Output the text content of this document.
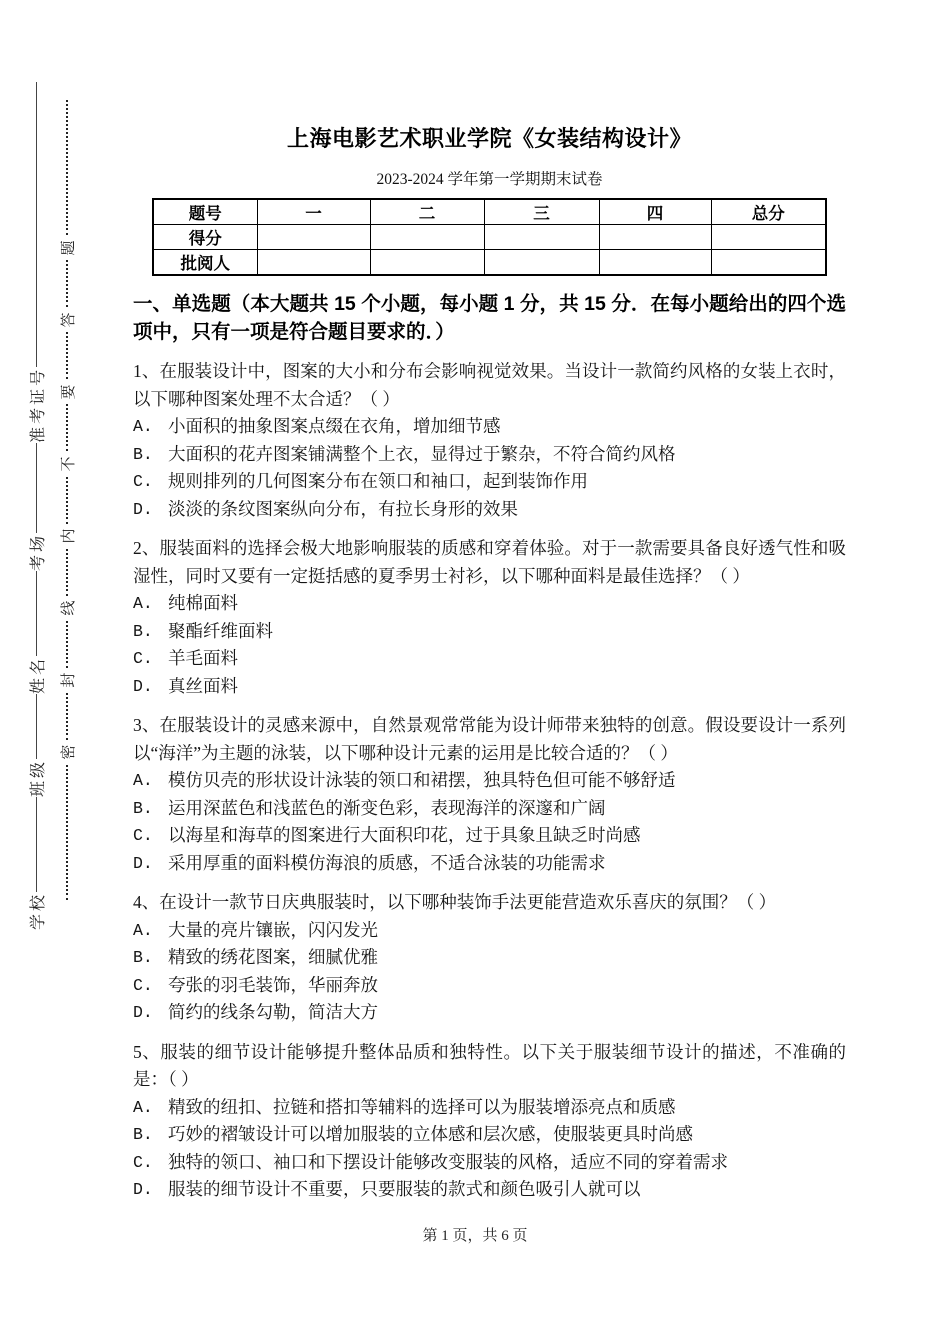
学校
班级
姓名
考场
准考证号
密
封
线
内
不
要
答
题
上海电影艺术职业学院《女装结构设计》
2023-2024 学年第一学期期末试卷
题号	一	二	三	四	总分
得分					
批阅人					
一、单选题（本大题共 15 个小题，每小题 1 分，共 15 分．在每小题给出的四个选项中，只有一项是符合题目要求的．）

1、在服装设计中，图案的大小和分布会影响视觉效果。当设计一款简约风格的女装上衣时，以下哪种图案处理不太合适？（ ）

A. 小面积的抽象图案点缀在衣角，增加细节感
B. 大面积的花卉图案铺满整个上衣，显得过于繁杂，不符合简约风格
C. 规则排列的几何图案分布在领口和袖口，起到装饰作用
D. 淡淡的条纹图案纵向分布，有拉长身形的效果

2、服装面料的选择会极大地影响服装的质感和穿着体验。对于一款需要具备良好透气性和吸湿性，同时又要有一定挺括感的夏季男士衬衫，以下哪种面料是最佳选择？（ ）

A. 纯棉面料
B. 聚酯纤维面料
C. 羊毛面料
D. 真丝面料

3、在服装设计的灵感来源中，自然景观常常能为设计师带来独特的创意。假设要设计一系列以“海洋”为主题的泳装，以下哪种设计元素的运用是比较合适的？（ ）

A. 模仿贝壳的形状设计泳装的领口和裙摆，独具特色但可能不够舒适
B. 运用深蓝色和浅蓝色的渐变色彩，表现海洋的深邃和广阔
C. 以海星和海草的图案进行大面积印花，过于具象且缺乏时尚感
D. 采用厚重的面料模仿海浪的质感，不适合泳装的功能需求

4、在设计一款节日庆典服装时，以下哪种装饰手法更能营造欢乐喜庆的氛围？（ ）

A. 大量的亮片镶嵌，闪闪发光
B. 精致的绣花图案，细腻优雅
C. 夸张的羽毛装饰，华丽奔放
D. 简约的线条勾勒，简洁大方

5、服装的细节设计能够提升整体品质和独特性。以下关于服装细节设计的描述，不准确的是：（ ）

A. 精致的纽扣、拉链和搭扣等辅料的选择可以为服装增添亮点和质感
B. 巧妙的褶皱设计可以增加服装的立体感和层次感，使服装更具时尚感
C. 独特的领口、袖口和下摆设计能够改变服装的风格，适应不同的穿着需求
D. 服装的细节设计不重要，只要服装的款式和颜色吸引人就可以
第 1 页，共 6 页
